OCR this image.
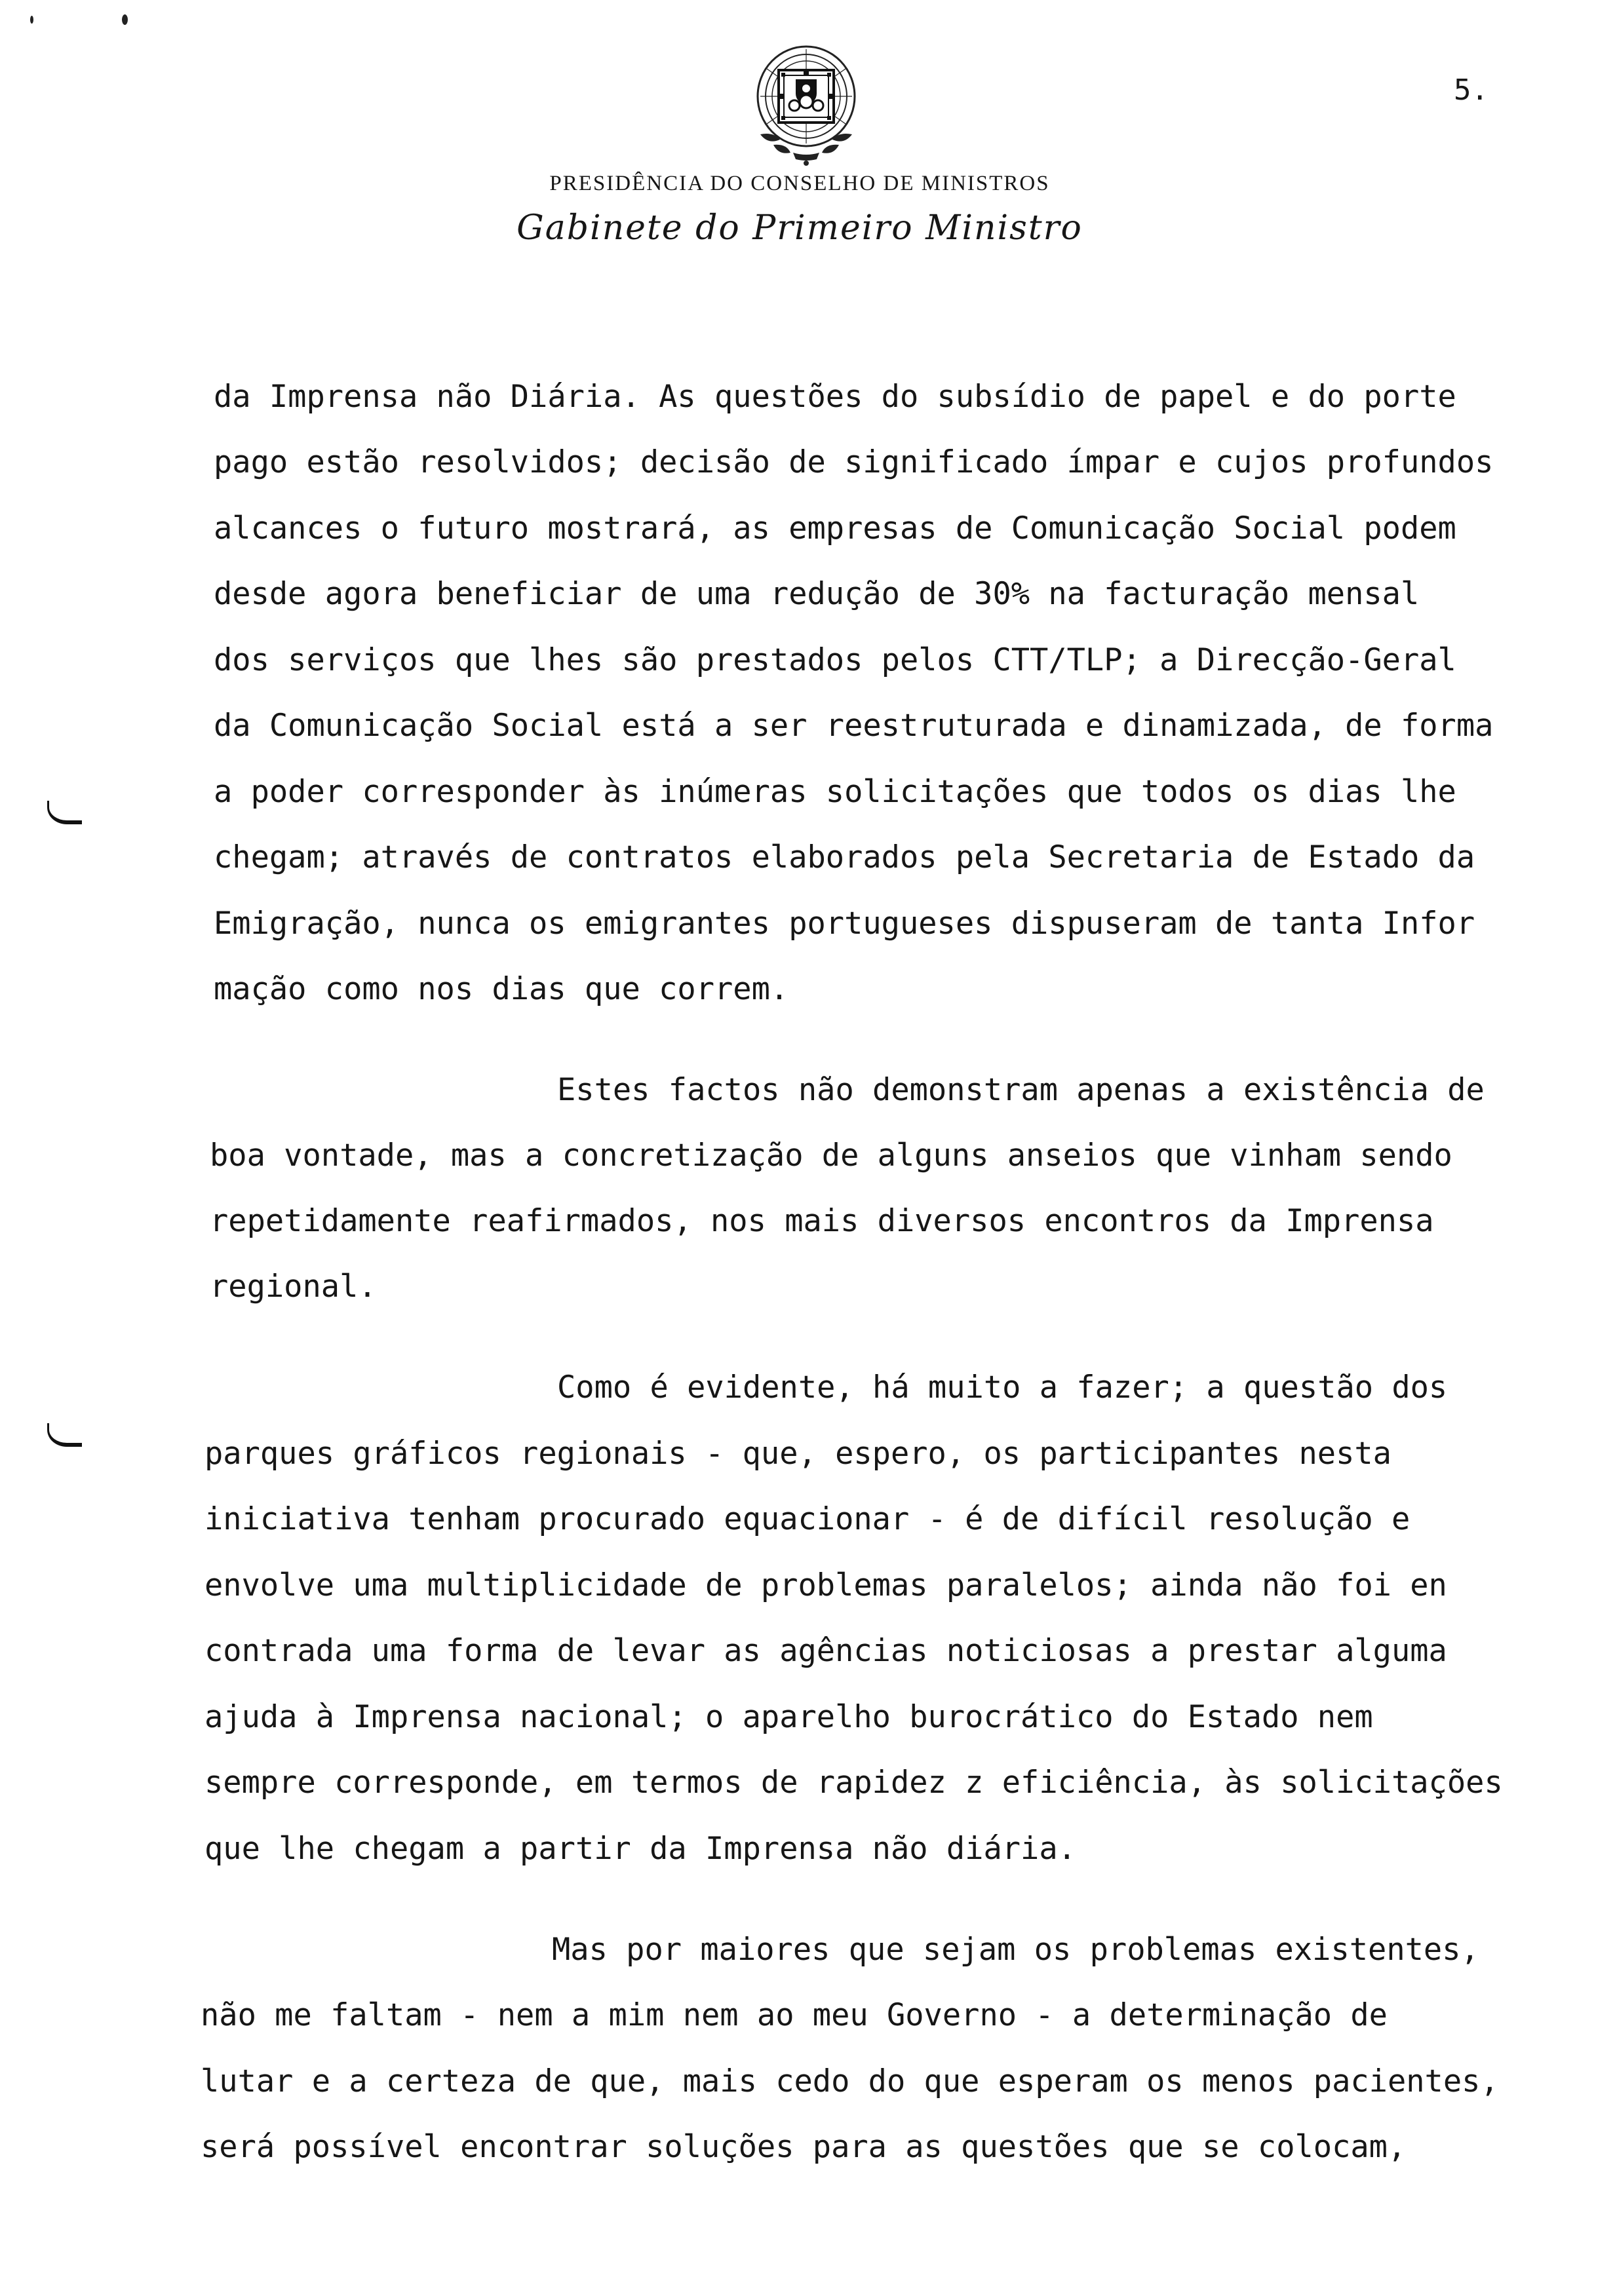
5.
PRESIDÊNCIA DO CONSELHO DE MINISTROS
Gabinete do Primeiro Ministro
da Imprensa não Diária. As questões do subsídio de papel e do porte
pago estão resolvidos; decisão de significado ímpar e cujos profundos
alcances o futuro mostrará, as empresas de Comunicação Social podem
desde agora beneficiar de uma redução de 30% na facturação mensal
dos serviços que lhes são prestados pelos CTT/TLP; a Direcção-Geral
da Comunicação Social está a ser reestruturada e dinamizada, de forma
a poder corresponder às inúmeras solicitações que todos os dias lhe
chegam; através de contratos elaborados pela Secretaria de Estado da
Emigração, nunca os emigrantes portugueses dispuseram de tanta Infor
mação como nos dias que correm.
Estes factos não demonstram apenas a existência de
boa vontade, mas a concretização de alguns anseios que vinham sendo
repetidamente reafirmados, nos mais diversos encontros da Imprensa
regional.
Como é evidente, há muito a fazer; a questão dos
parques gráficos regionais - que, espero, os participantes nesta
iniciativa tenham procurado equacionar - é de difícil resolução e
envolve uma multiplicidade de problemas paralelos; ainda não foi en
contrada uma forma de levar as agências noticiosas a prestar alguma
ajuda à Imprensa nacional; o aparelho burocrático do Estado nem
sempre corresponde, em termos de rapidez z eficiência, às solicitações
que lhe chegam a partir da Imprensa não diária.
Mas por maiores que sejam os problemas existentes,
não me faltam - nem a mim nem ao meu Governo - a determinação de
lutar e a certeza de que, mais cedo do que esperam os menos pacientes,
será possível encontrar soluções para as questões que se colocam,
